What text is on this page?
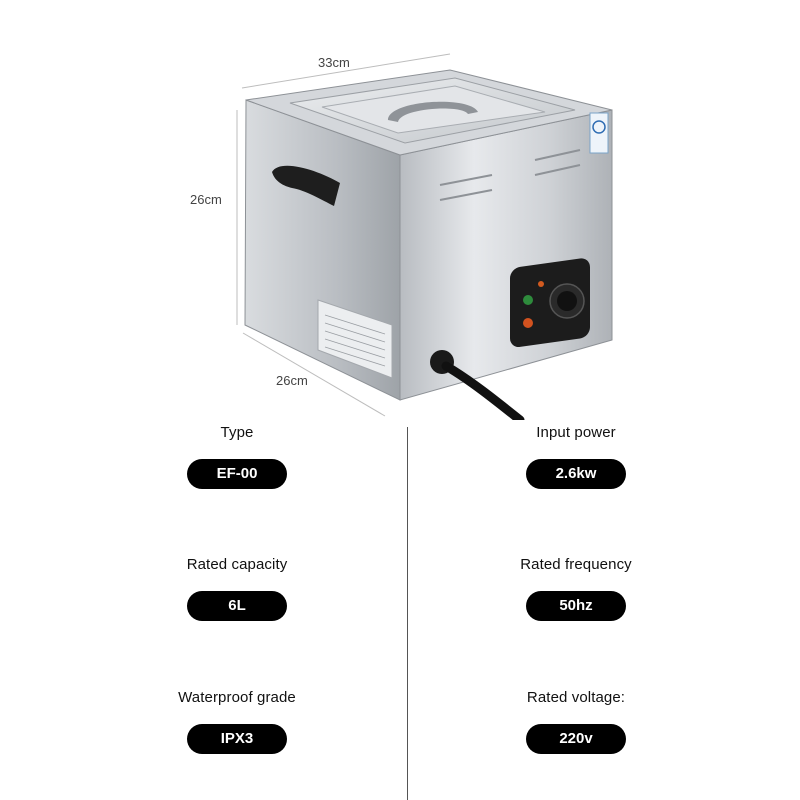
33cm
26cm
26cm
Type
EF-00
Rated capacity
6L
Waterproof grade
IPX3
Input power
2.6kw
Rated frequency
50hz
Rated voltage:
220v
